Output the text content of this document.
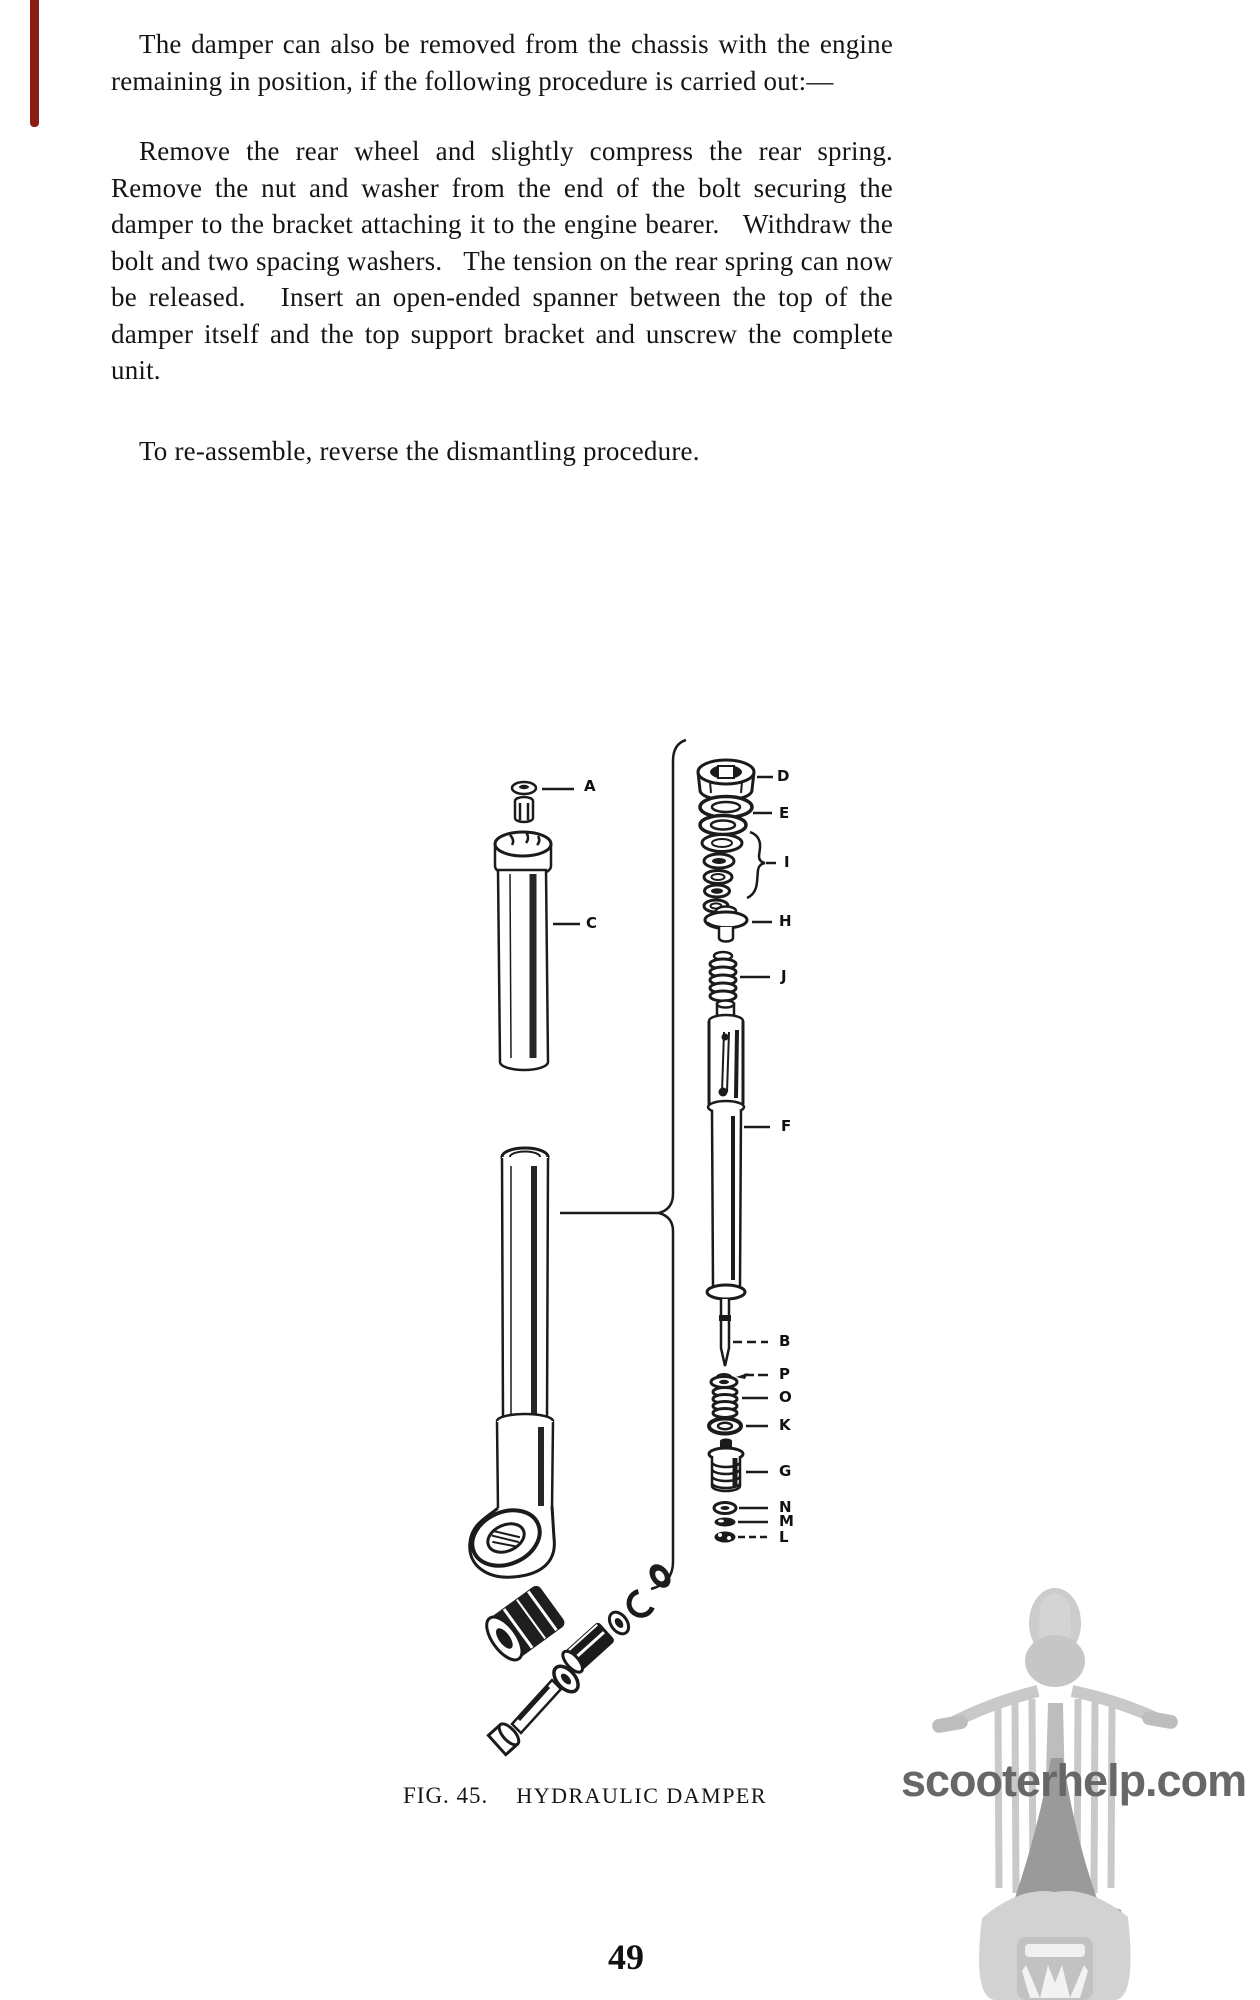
The damper can also be removed from the chassis with the engine remaining in position, if the following procedure is carried out:—

Remove the rear wheel and slightly compress the rear spring.  Remove the nut and washer from the end of the bolt securing the damper to the bracket attaching it to the engine bearer.   Withdraw the bolt and two spacing washers.   The tension on the rear spring can now be released.   Insert an open-ended spanner between the top of the damper itself and the top support bracket and unscrew the complete unit.

To re-assemble, reverse the dismantling procedure.

A
C
D
E
I
H
J
F
B
P
O
K
G
N
M
L
scooterhelp.com
FIG. 45. HYDRAULIC DAMPER
49
